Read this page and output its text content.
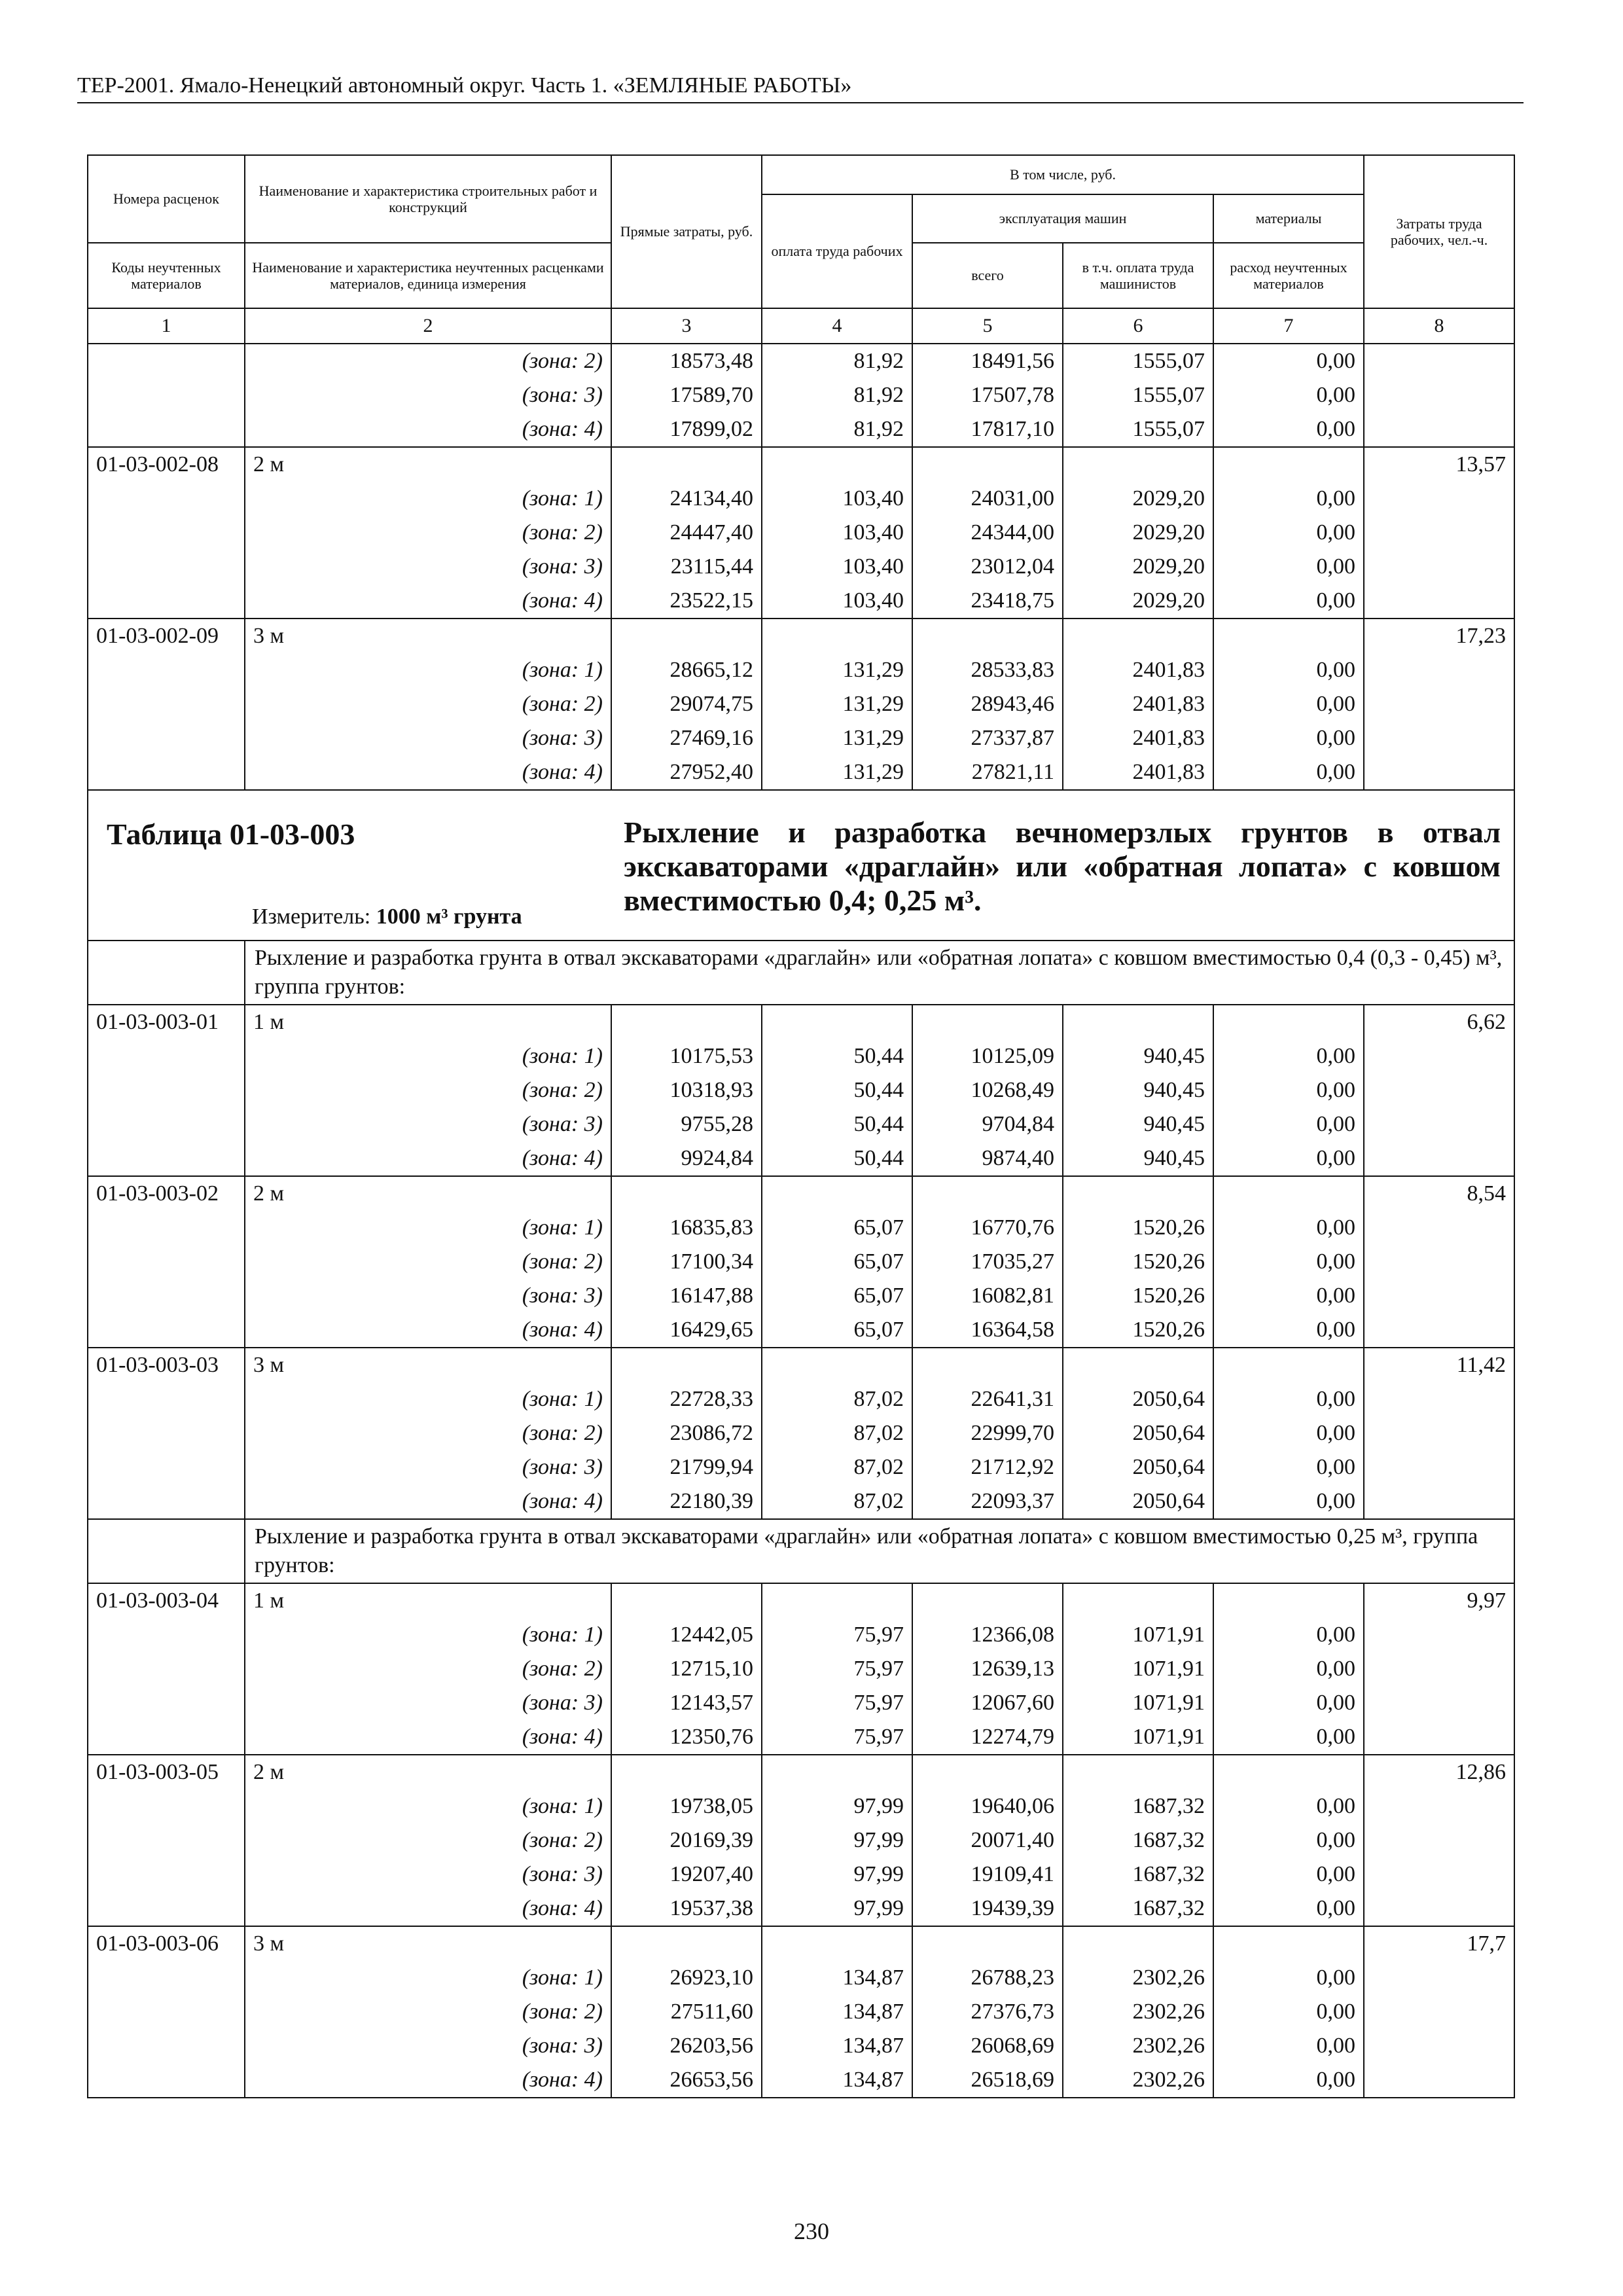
ТЕР-2001. Ямало-Ненецкий автономный округ. Часть 1. «ЗЕМЛЯНЫЕ РАБОТЫ»
Номера расценок	Наименование и характеристика строительных работ и конструкций	Прямые затраты, руб.	В том числе, руб.				Затраты труда рабочих, чел.-ч.
			оплата труда рабочих	эксплуатация машин		материалы	
Коды неучтенных материалов	Наименование и характеристика неучтенных расценками материалов, единица измерения			всего	в т.ч. оплата труда машинистов	расход неучтенных материалов	

1	2	3	4	5	6	7	8
	(зона: 2)	18573,48	81,92	18491,56	1555,07	0,00	
	(зона: 3)	17589,70	81,92	17507,78	1555,07	0,00	
	(зона: 4)	17899,02	81,92	17817,10	1555,07	0,00	
01-03-002-08	2 м						13,57
	(зона: 1)	24134,40	103,40	24031,00	2029,20	0,00	
	(зона: 2)	24447,40	103,40	24344,00	2029,20	0,00	
	(зона: 3)	23115,44	103,40	23012,04	2029,20	0,00	
	(зона: 4)	23522,15	103,40	23418,75	2029,20	0,00	
01-03-002-09	3 м						17,23
	(зона: 1)	28665,12	131,29	28533,83	2401,83	0,00	
	(зона: 2)	29074,75	131,29	28943,46	2401,83	0,00	
	(зона: 3)	27469,16	131,29	27337,87	2401,83	0,00	
	(зона: 4)	27952,40	131,29	27821,11	2401,83	0,00	

Таблица 01-03-003 Рыхление и разработка вечномерзлых грунтов в отвал экскаваторами «драглайн» или «обратная лопата» с ковшом вместимостью 0,4; 0,25 м³.
Измеритель: 1000 м³ грунта							

	Рыхление и разработка грунта в отвал экскаваторами «драглайн» или «обратная лопата» с ковшом вместимостью 0,4 (0,3 - 0,45) м³, группа грунтов:						
01-03-003-01	1 м						6,62
	(зона: 1)	10175,53	50,44	10125,09	940,45	0,00	
	(зона: 2)	10318,93	50,44	10268,49	940,45	0,00	
	(зона: 3)	9755,28	50,44	9704,84	940,45	0,00	
	(зона: 4)	9924,84	50,44	9874,40	940,45	0,00	
01-03-003-02	2 м						8,54
	(зона: 1)	16835,83	65,07	16770,76	1520,26	0,00	
	(зона: 2)	17100,34	65,07	17035,27	1520,26	0,00	
	(зона: 3)	16147,88	65,07	16082,81	1520,26	0,00	
	(зона: 4)	16429,65	65,07	16364,58	1520,26	0,00	
01-03-003-03	3 м						11,42
	(зона: 1)	22728,33	87,02	22641,31	2050,64	0,00	
	(зона: 2)	23086,72	87,02	22999,70	2050,64	0,00	
	(зона: 3)	21799,94	87,02	21712,92	2050,64	0,00	
	(зона: 4)	22180,39	87,02	22093,37	2050,64	0,00	
	Рыхление и разработка грунта в отвал экскаваторами «драглайн» или «обратная лопата» с ковшом вместимостью 0,25 м³, группа грунтов:						
01-03-003-04	1 м						9,97
	(зона: 1)	12442,05	75,97	12366,08	1071,91	0,00	
	(зона: 2)	12715,10	75,97	12639,13	1071,91	0,00	
	(зона: 3)	12143,57	75,97	12067,60	1071,91	0,00	
	(зона: 4)	12350,76	75,97	12274,79	1071,91	0,00	
01-03-003-05	2 м						12,86
	(зона: 1)	19738,05	97,99	19640,06	1687,32	0,00	
	(зона: 2)	20169,39	97,99	20071,40	1687,32	0,00	
	(зона: 3)	19207,40	97,99	19109,41	1687,32	0,00	
	(зона: 4)	19537,38	97,99	19439,39	1687,32	0,00	
01-03-003-06	3 м						17,7
	(зона: 1)	26923,10	134,87	26788,23	2302,26	0,00	
	(зона: 2)	27511,60	134,87	27376,73	2302,26	0,00	
	(зона: 3)	26203,56	134,87	26068,69	2302,26	0,00	
	(зона: 4)	26653,56	134,87	26518,69	2302,26	0,00	
230
